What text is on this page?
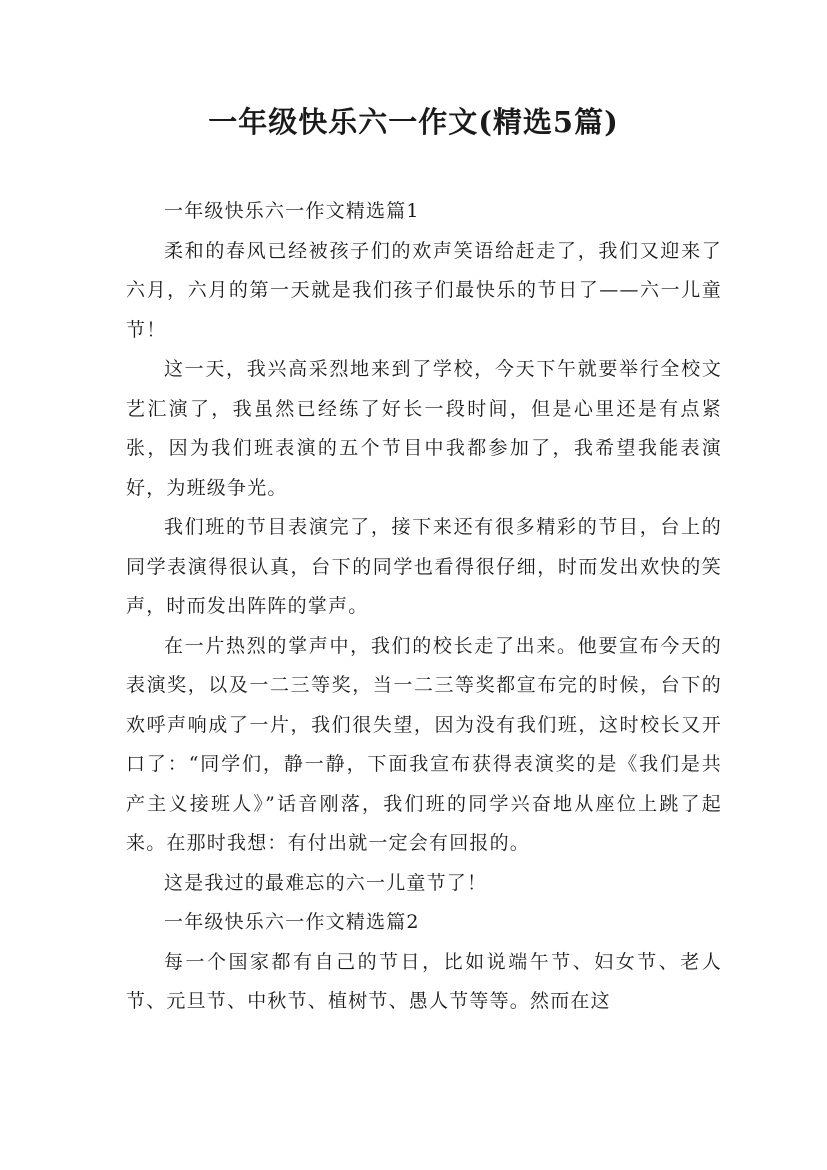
一年级快乐六一作文(精选5篇)

一年级快乐六一作文精选篇1

柔和的春风已经被孩子们的欢声笑语给赶走了，我们又迎来了六月，六月的第一天就是我们孩子们最快乐的节日了——六一儿童节！

这一天，我兴高采烈地来到了学校，今天下午就要举行全校文艺汇演了，我虽然已经练了好长一段时间，但是心里还是有点紧张，因为我们班表演的五个节目中我都参加了，我希望我能表演好，为班级争光。

我们班的节目表演完了，接下来还有很多精彩的节目，台上的同学表演得很认真，台下的同学也看得很仔细，时而发出欢快的笑声，时而发出阵阵的掌声。

在一片热烈的掌声中，我们的校长走了出来。他要宣布今天的表演奖，以及一二三等奖，当一二三等奖都宣布完的时候，台下的欢呼声响成了一片，我们很失望，因为没有我们班，这时校长又开口了：“同学们，静一静，下面我宣布获得表演奖的是《我们是共产主义接班人》”话音刚落，我们班的同学兴奋地从座位上跳了起来。在那时我想：有付出就一定会有回报的。

这是我过的最难忘的六一儿童节了！

一年级快乐六一作文精选篇2

每一个国家都有自己的节日，比如说端午节、妇女节、老人节、元旦节、中秋节、植树节、愚人节等等。然而在这
